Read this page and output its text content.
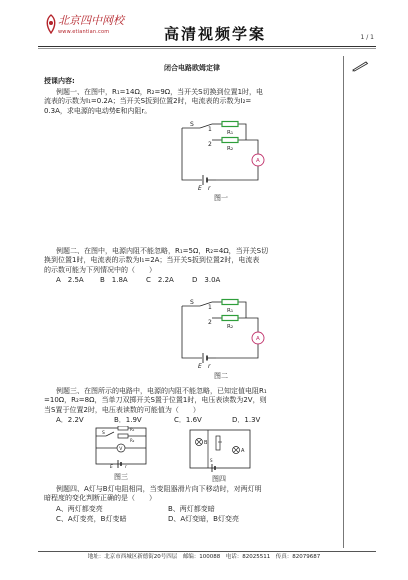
北京四中网校
www.etiantian.com	高清视频学案	1 / 1
闭合电路欧姆定律
授课内容:

例题一、在图中，R₁=14Ω，R₂=9Ω，当开关S切换到位置1时，电

流表的示数为I₁=0.2A；当开关S扳到位置2时，电流表的示数为I₂=

0.3A，求电源的电动势E和内阻r。

S
1
2
R₁
R₂
A
E r
图一

例题二、在图中，电源内阻不能忽略，R₁=5Ω，R₂=4Ω，当开关S切

换到位置1时，电流表的示数为I₁=2A；当开关S扳到位置2时，电流表

的示数可能为下列情况中的（　　）

A　2.5A	B　1.8A	C　2.2A	D　3.0A
S
1
2
R₁
R₂
A
E r
图二

例题三、在图所示的电路中，电源的内阻不能忽略，已知定值电阻R₁

=10Ω，R₂=8Ω，当单刀双掷开关S置于位置1时，电压表读数为2V，则

当S置于位置2时，电压表读数的可能值为（　　）

A．2.2V	B．1.9V	C．1.6V	D．1.3V
S
R₁
R₂
V
E	r
图三
B
A
S
图四

例题四、A灯与B灯电阻相同，当变阻器滑片向下移动时，对两灯明

暗程度的变化判断正确的是（　　）

A、两灯都变亮	B、两灯都变暗
C、A灯变亮，B灯变暗	D、A灯变暗，B灯变亮
地址：北京市西城区新德街20号四层　邮编：100088　电话：82025511　传真：82079687
